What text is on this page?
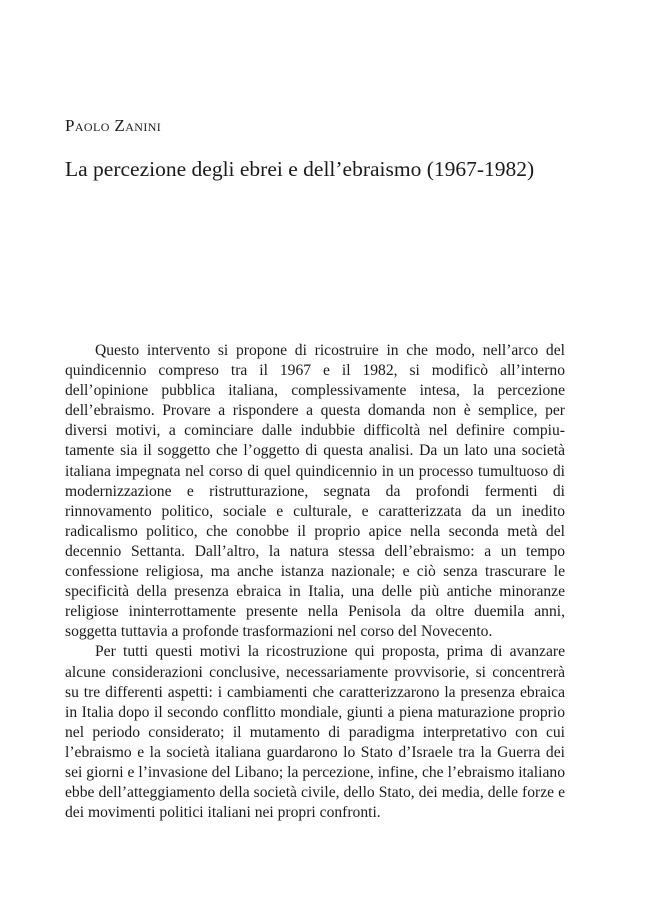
Paolo Zanini

La percezione degli ebrei e dell’ebraismo (1967-1982)

Questo intervento si propone di ricostruire in che modo, nell’arco del quindicennio compreso tra il 1967 e il 1982, si modificò all’interno dell’opinione pubblica italiana, complessivamente intesa, la percezione dell’ebraismo. Provare a rispondere a questa domanda non è semplice, per diversi motivi, a cominciare dalle indubbie difficoltà nel definire compiutamente sia il soggetto che l’oggetto di questa analisi. Da un lato una società italiana impegnata nel corso di quel quindicennio in un processo tumultuoso di modernizzazione e ristrutturazione, segnata da profondi fermenti di rinnovamento politico, sociale e culturale, e caratterizzata da un inedito radicalismo politico, che conobbe il proprio apice nella seconda metà del decennio Settanta. Dall’altro, la natura stessa dell’ebraismo: a un tempo confessione religiosa, ma anche istanza nazionale; e ciò senza trascurare le specificità della presenza ebraica in Italia, una delle più antiche minoranze religiose ininterrottamente presente nella Penisola da oltre duemila anni, soggetta tuttavia a profonde trasformazioni nel corso del Novecento.

Per tutti questi motivi la ricostruzione qui proposta, prima di avanzare alcune considerazioni conclusive, necessariamente provvisorie, si concentrerà su tre differenti aspetti: i cambiamenti che caratterizzarono la presenza ebraica in Italia dopo il secondo conflitto mondiale, giunti a piena maturazione proprio nel periodo considerato; il mutamento di paradigma interpretativo con cui l’ebraismo e la società italiana guardarono lo Stato d’Israele tra la Guerra dei sei giorni e l’invasione del Libano; la percezione, infine, che l’ebraismo italiano ebbe dell’atteggiamento della società civile, dello Stato, dei media, delle forze e dei movimenti politici italiani nei propri confronti.
